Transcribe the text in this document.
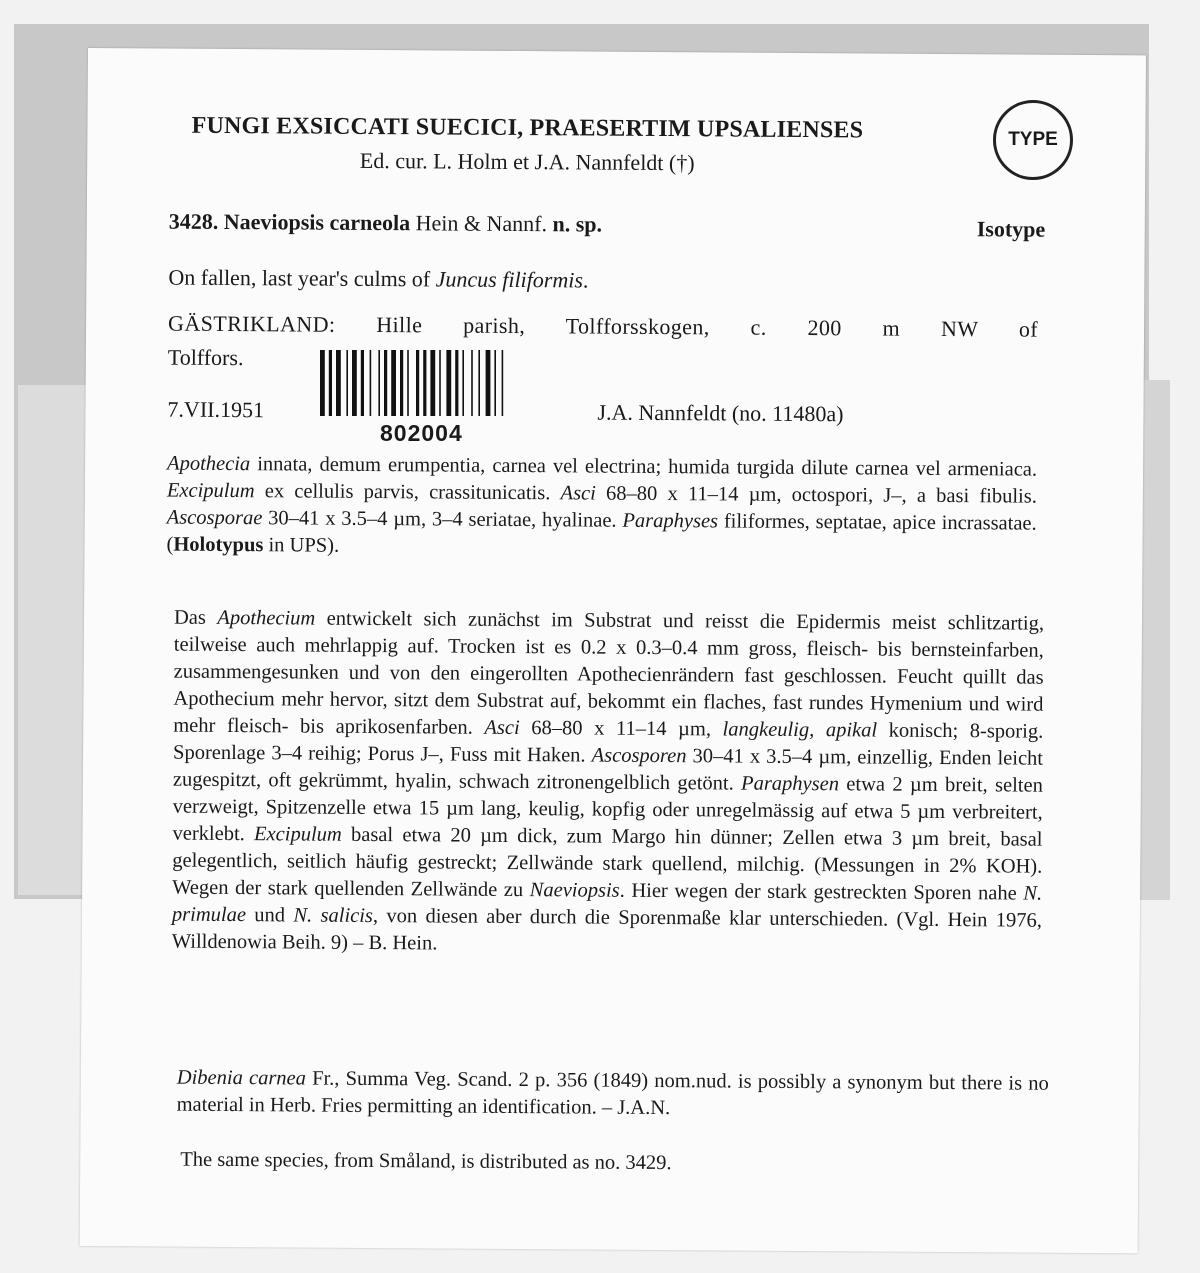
FUNGI EXSICCATI SUECICI, PRAESERTIM UPSALIENSES
Ed. cur. L. Holm et J.A. Nannfeldt (†)
3428. Naeviopsis carneola Hein & Nannf. n. sp.	Isotype
On fallen, last year's culms of Juncus filiformis.
GÄSTRIKLAND: Hille parish, Tolfforsskogen, c. 200 m NW of
Tolffors.
7.VII.1951	J.A. Nannfeldt (no. 11480a)
Apothecia innata, demum erumpentia, carnea vel electrina; humida turgida dilute carnea vel armeniaca. Excipulum ex cellulis parvis, crassitunicatis. Asci 68–80 x 11–14 µm, octospori, J–, a basi fibulis. Ascosporae 30–41 x 3.5–4 µm, 3–4 seriatae, hyalinae. Paraphyses filiformes, septatae, apice incrassatae. (Holotypus in UPS).
Das Apothecium entwickelt sich zunächst im Substrat und reisst die Epidermis meist schlitzartig, teilweise auch mehrlappig auf. Trocken ist es 0.2 x 0.3–0.4 mm gross, fleisch- bis bernsteinfarben, zusammengesunken und von den eingerollten Apothecienrändern fast geschlossen. Feucht quillt das Apothecium mehr hervor, sitzt dem Substrat auf, bekommt ein flaches, fast rundes Hymenium und wird mehr fleisch- bis aprikosenfarben. Asci 68–80 x 11–14 µm, langkeulig, apikal konisch; 8-sporig. Sporenlage 3–4 reihig; Porus J–, Fuss mit Haken. Ascosporen 30–41 x 3.5–4 µm, einzellig, Enden leicht zugespitzt, oft gekrümmt, hyalin, schwach zitronengelblich getönt. Paraphysen etwa 2 µm breit, selten verzweigt, Spitzenzelle etwa 15 µm lang, keulig, kopfig oder unregelmässig auf etwa 5 µm verbreitert, verklebt. Excipulum basal etwa 20 µm dick, zum Margo hin dünner; Zellen etwa 3 µm breit, basal gelegentlich, seitlich häufig gestreckt; Zellwände stark quellend, milchig. (Messungen in 2% KOH). Wegen der stark quellenden Zellwände zu Naeviopsis. Hier wegen der stark gestreckten Sporen nahe N. primulae und N. salicis, von diesen aber durch die Sporenmaße klar unterschieden. (Vgl. Hein 1976, Willdenowia Beih. 9) – B. Hein.
Dibenia carnea Fr., Summa Veg. Scand. 2 p. 356 (1849) nom.nud. is possibly a synonym but there is no material in Herb. Fries permitting an identification. – J.A.N.
The same species, from Småland, is distributed as no. 3429.
TYPE
802004
